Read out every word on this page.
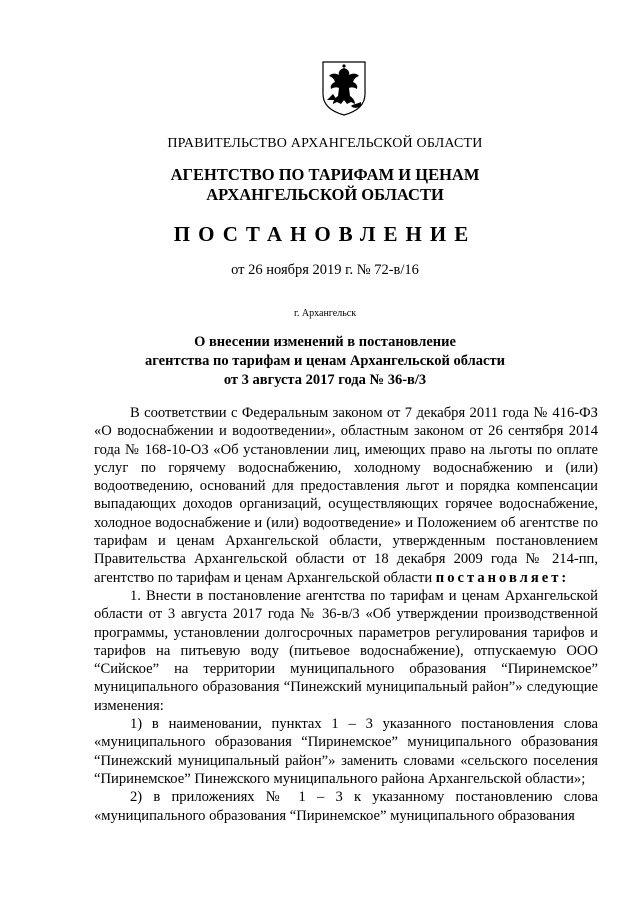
ПРАВИТЕЛЬСТВО АРХАНГЕЛЬСКОЙ ОБЛАСТИ
АГЕНТСТВО ПО ТАРИФАМ И ЦЕНАМ
АРХАНГЕЛЬСКОЙ ОБЛАСТИ
ПОСТАНОВЛЕНИЕ
от 26 ноября 2019 г. № 72-в/16
г. Архангельск
О внесении изменений в постановление
агентства по тарифам и ценам Архангельской области
от 3 августа 2017 года № 36-в/3

В соответствии с Федеральным законом от 7 декабря 2011 года № 416-ФЗ «О водоснабжении и водоотведении», областным законом от 26 сентября 2014 года № 168-10-ОЗ «Об установлении лиц, имеющих право на льготы по оплате услуг по горячему водоснабжению, холодному водоснабжению и (или) водоотведению, оснований для предоставления льгот и порядка компенсации выпадающих доходов организаций, осуществляющих горячее водоснабжение, холодное водоснабжение и (или) водоотведение» и Положением об агентстве по тарифам и ценам Архангельской области, утвержденным постановлением Правительства Архангельской области от 18 декабря 2009 года № 214-пп, агентство по тарифам и ценам Архангельской области постановляет:

1. Внести в постановление агентства по тарифам и ценам Архангельской области от 3 августа 2017 года № 36-в/3 «Об утверждении производственной программы, установлении долгосрочных параметров регулирования тарифов и тарифов на питьевую воду (питьевое водоснабжение), отпускаемую ООО “Сийское” на территории муниципального образования “Пиринемское” муниципального образования “Пинежский муниципальный район”» следующие изменения:

1) в наименовании, пунктах 1 – 3 указанного постановления слова «муниципального образования “Пиринемское” муниципального образования “Пинежский муниципальный район”» заменить словами «сельского поселения “Пиринемское” Пинежского муниципального района Архангельской области»;

2) в приложениях № 1 – 3 к указанному постановлению слова «муниципального образования “Пиринемское” муниципального образования
